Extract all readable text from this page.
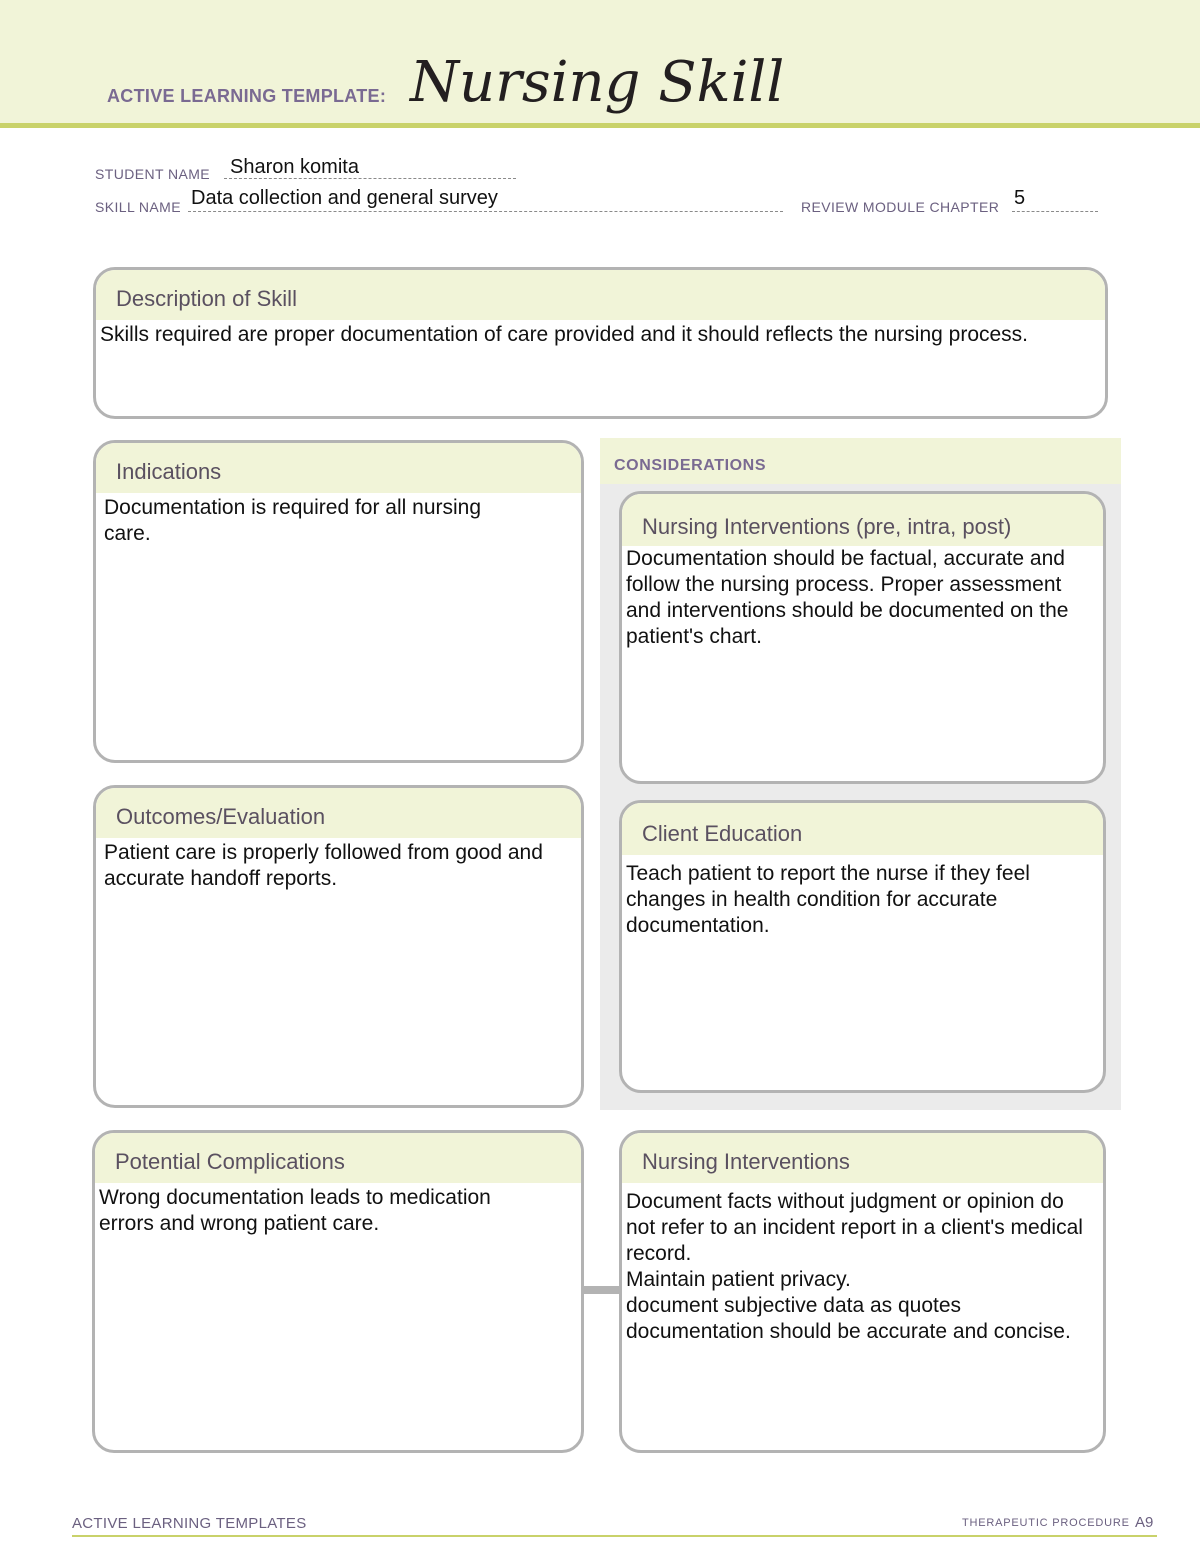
ACTIVE LEARNING TEMPLATE: Nursing Skill
STUDENT NAME Sharon komita
SKILL NAME Data collection and general survey	REVIEW MODULE CHAPTER 5
Description of Skill
Skills required are proper documentation of care provided and it should reflects the nursing process.
Indications
Documentation is required for all nursing care.
Outcomes/Evaluation
Patient care is properly followed from good and accurate handoff reports.
CONSIDERATIONS
Nursing Interventions (pre, intra, post)
Documentation should be factual, accurate and follow the nursing process. Proper assessment and interventions should be documented on the patient's chart.
Client Education
Teach patient to report the nurse if they feel changes in health condition for accurate documentation.
Potential Complications
Wrong documentation leads to medication errors and wrong patient care.
Nursing Interventions
Document facts without judgment or opinion do not refer to an incident report in a client's medical record.
Maintain patient privacy.
document subjective data as quotes documentation should be accurate and concise.
ACTIVE LEARNING TEMPLATES	THERAPEUTIC PROCEDURE A9
